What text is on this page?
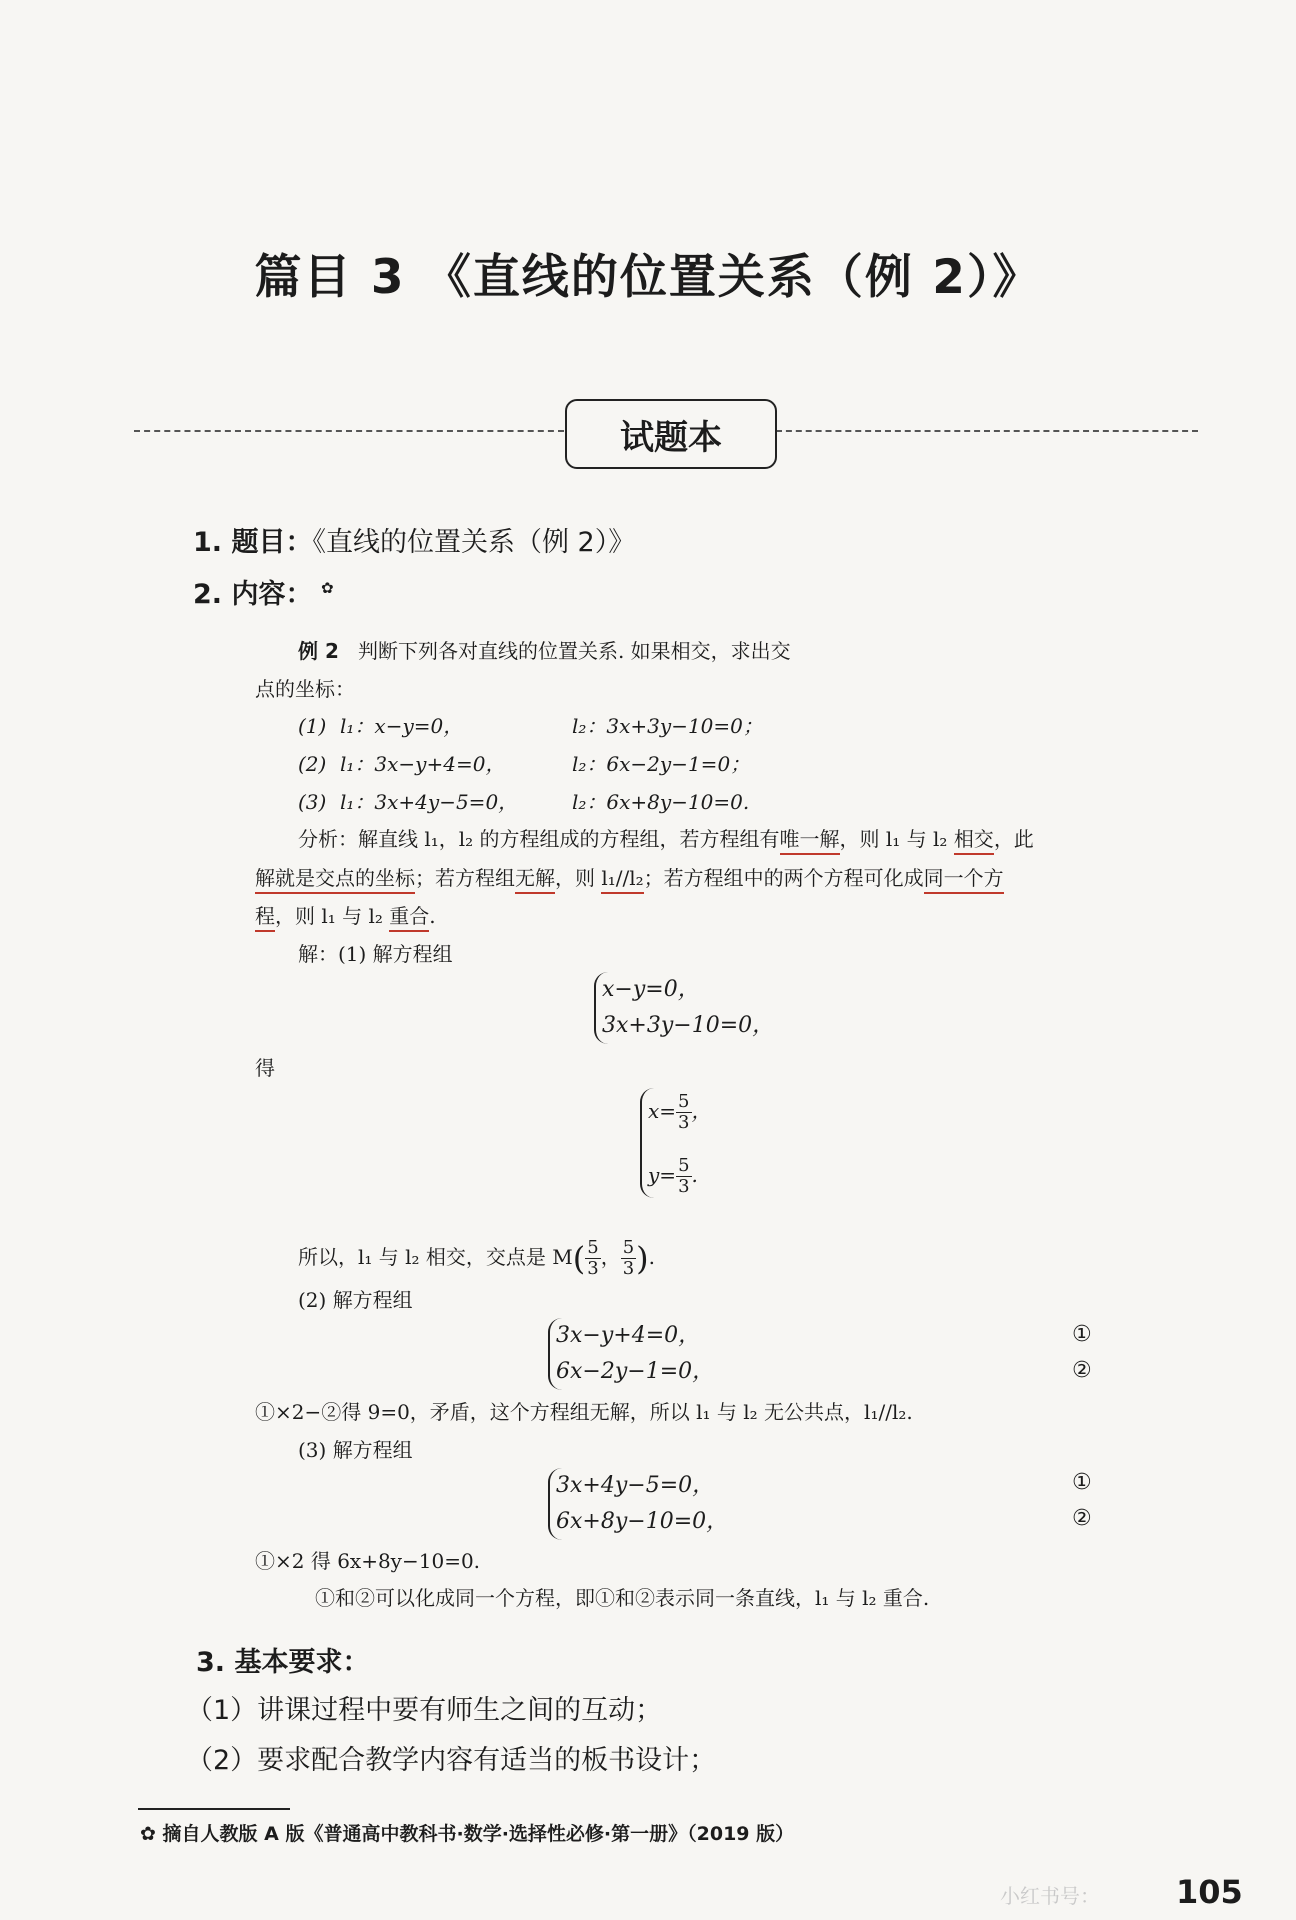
篇目 3 《直线的位置关系（例 2）》
试题本
1. 题目：《直线的位置关系（例 2）》
2. 内容： ✿
例 2 判断下列各对直线的位置关系. 如果相交，求出交
点的坐标：
(1) l₁：x−y=0，	l₂：3x+3y−10=0；
(2) l₁：3x−y+4=0，	l₂：6x−2y−1=0；
(3) l₁：3x+4y−5=0，	l₂：6x+8y−10=0.
分析：解直线 l₁，l₂ 的方程组成的方程组，若方程组有唯一解，则 l₁ 与 l₂ 相交，此
解就是交点的坐标；若方程组无解，则 l₁//l₂；若方程组中的两个方程可化成同一个方
程，则 l₁ 与 l₂ 重合.
解：(1) 解方程组
x−y=0，
3x+3y−10=0，
得
$x= \frac{5}{3}$ ，
$y= \frac{5}{3}$ .
所以，l₁ 与 l₂ 相交，交点是 $M( \frac{5}{3}$ ， $\frac{5}{3}$ ).
(2) 解方程组
3x−y+4=0，
6x−2y−1=0，
①
②
①×2−②得 9=0，矛盾，这个方程组无解，所以 l₁ 与 l₂ 无公共点，l₁//l₂.
(3) 解方程组
3x+4y−5=0，
6x+8y−10=0，
①
②
①×2 得 6x+8y−10=0.
①和②可以化成同一个方程，即①和②表示同一条直线，l₁ 与 l₂ 重合.
3. 基本要求：
（1）讲课过程中要有师生之间的互动；
（2）要求配合教学内容有适当的板书设计；
✿ 摘自人教版 A 版《普通高中教科书·数学·选择性必修·第一册》（2019 版）
小红书号： 105
